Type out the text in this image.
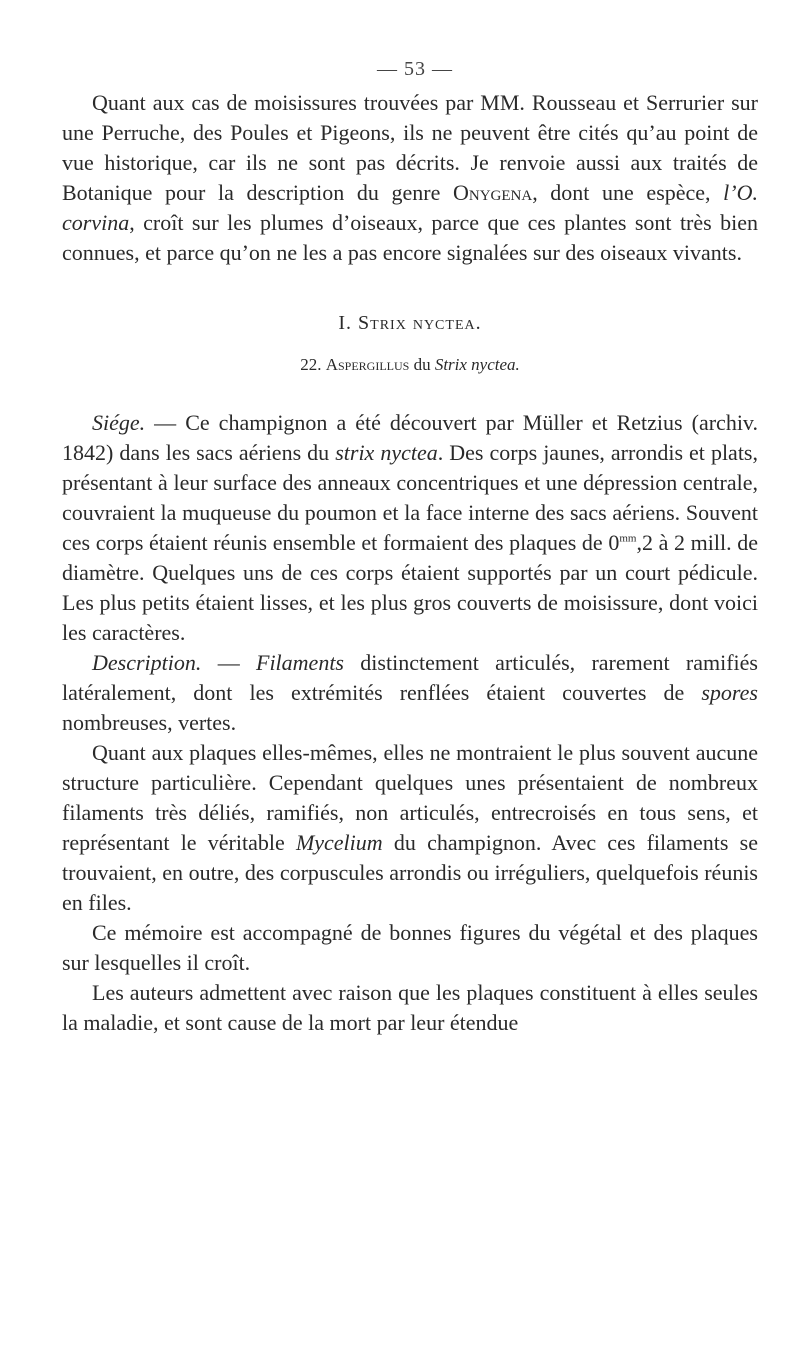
— 53 —

Quant aux cas de moisissures trouvées par MM. Rousseau et Serrurier sur une Perruche, des Poules et Pigeons, ils ne peuvent être cités qu’au point de vue historique, car ils ne sont pas décrits. Je renvoie aussi aux traités de Botanique pour la description du genre Onygena, dont une espèce, l’O. corvina, croît sur les plumes d’oiseaux, parce que ces plantes sont très bien connues, et parce qu’on ne les a pas encore signalées sur des oiseaux vivants.

I. Strix nyctea.
22. Aspergillus du Strix nyctea.

Siége. — Ce champignon a été découvert par Müller et Retzius (archiv. 1842) dans les sacs aériens du strix nyctea. Des corps jaunes, arrondis et plats, présentant à leur surface des anneaux concentriques et une dépression centrale, couvraient la muqueuse du poumon et la face interne des sacs aériens. Souvent ces corps étaient réunis ensemble et formaient des plaques de $0^{mm},2$ à 2 mill. de diamètre. Quelques uns de ces corps étaient supportés par un court pédicule. Les plus petits étaient lisses, et les plus gros couverts de moisissure, dont voici les caractères.

Description. — Filaments distinctement articulés, rarement ramifiés latéralement, dont les extrémités renflées étaient couvertes de spores nombreuses, vertes.

Quant aux plaques elles-mêmes, elles ne montraient le plus souvent aucune structure particulière. Cependant quelques unes présentaient de nombreux filaments très déliés, ramifiés, non articulés, entrecroisés en tous sens, et représentant le véritable Mycelium du champignon. Avec ces filaments se trouvaient, en outre, des corpuscules arrondis ou irréguliers, quelquefois réunis en files.

Ce mémoire est accompagné de bonnes figures du végétal et des plaques sur lesquelles il croît.

Les auteurs admettent avec raison que les plaques constituent à elles seules la maladie, et sont cause de la mort par leur étendue
